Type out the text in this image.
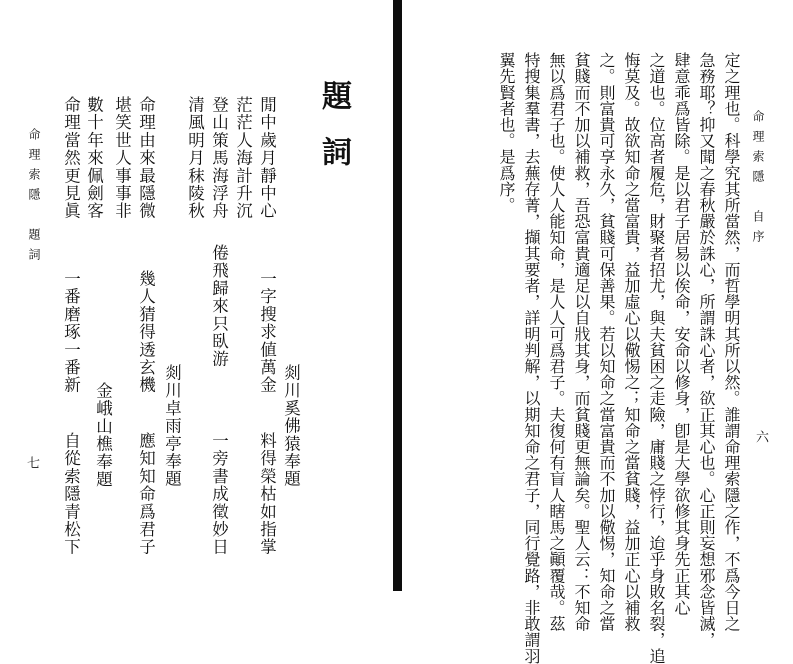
命理索隱　題詞 命理當然更見眞 數十年來佩劍客
一番磨琢一番新
金峨山樵奉題
自從索隱青松下
堪笑世人事事非 命理由來最隱微
幾人猜得透玄機
剡川卓雨亭奉題
應知知命爲君子
清風明月秣陵秋 登山策馬海浮舟 茫茫人海計升沉 閒中歲月靜中心
倦飛歸來只臥游 一字搜求値萬金
剡川奚佛猿奉題
一旁書成徵妙日 料得榮枯如指掌
題詞
七
翼先賢者也。是爲序。 特搜集羣書，去蕪存菁，擷其要者，詳明判解，以期知命之君子，同行覺路，非敢謂羽 無以爲君子也。使人人能知命，是人人可爲君子。夫復何有盲人瞎馬之顚覆哉。茲 貧賤而不加以補救，吾恐富貴適足以自戕其身，而貧賤更無論矣。聖人云：不知命 之。則富貴可享永久，貧賤可保善果。若以知命之當富貴而不加以儆惕，知命之當 悔莫及。故欲知命之當富貴，益加虛心以儆惕之；知命之當貧賤，益加正心以補救 之道也。位高者履危，財聚者招尤，與夫貧困之走險，庸賤之悖行，迨乎身敗名裂，追 肆意乖爲皆除。是以君子居易以俟命，安命以修身，卽是大學欲修其身先正其心 急務耶？抑又聞之春秋嚴於誅心，所謂誅心者，欲正其心也。心正則妄想邪念皆滅， 定之理也。科學究其所當然，而哲學明其所以然。誰謂命理索隱之作，不爲今日之 命理索隱　自序
六
